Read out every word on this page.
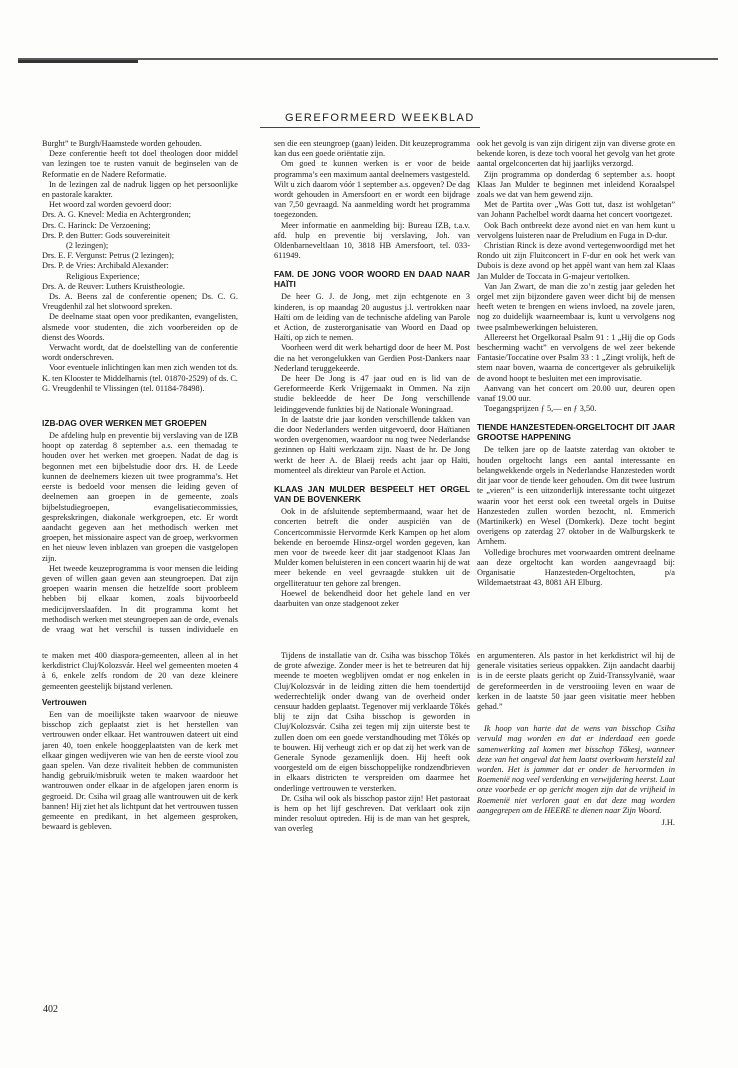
GEREFORMEERD WEEKBLAD

Burght” te Burgh/Haamstede worden gehouden.

Deze conferentie heeft tot doel theologen door middel van lezingen toe te rusten vanuit de beginselen van de Reformatie en de Nadere Reformatie.

In de lezingen zal de nadruk liggen op het persoonlijke en pastorale karakter.

Het woord zal worden gevoerd door:

Drs. A. G. Knevel: Media en Achtergronden;

Drs. C. Harinck: De Verzoening;

Drs. P. den Butter: Gods souvereiniteit

(2 lezingen);

Drs. E. F. Vergunst: Petrus (2 lezingen);

Drs. P. de Vries: Archibald Alexander:

Religious Experience;

Drs. A. de Reuver: Luthers Kruistheologie.

Ds. A. Beens zal de conferentie openen; Ds. C. G. Vreugdenhil zal het slotwoord spreken.

De deelname staat open voor predikanten, evangelisten, alsmede voor studenten, die zich voorbereiden op de dienst des Woords.

Verwacht wordt, dat de doelstelling van de conferentie wordt onderschreven.

Voor eventuele inlichtingen kan men zich wenden tot ds. K. ten Klooster te Middelharnis (tel. 01870-2529) of ds. C. G. Vreugdenhil te Vlissingen (tel. 01184-78498).

IZB-DAG OVER WERKEN MET GROEPEN

De afdeling hulp en preventie bij verslaving van de IZB hoopt op zaterdag 8 september a.s. een themadag te houden over het werken met groepen. Nadat de dag is begonnen met een bijbelstudie door drs. H. de Leede kunnen de deelnemers kiezen uit twee programma’s. Het eerste is bedoeld voor mensen die leiding geven of deelnemen aan groepen in de gemeente, zoals bijbelstudiegroepen, evangelisatiecommissies, gesprekskringen, diakonale werkgroepen, etc. Er wordt aandacht gegeven aan het methodisch werken met groepen, het missionaire aspect van de groep, werkvormen en het nieuw leven inblazen van groepen die vastgelopen zijn.

Het tweede keuzeprogramma is voor mensen die leiding geven of willen gaan geven aan steungroepen. Dat zijn groepen waarin mensen die hetzelfde soort probleem hebben bij elkaar komen, zoals bijvoorbeeld medicijnverslaafden. In dit programma komt het methodisch werken met steungroepen aan de orde, evenals de vraag wat het verschil is tussen individuele en

sen die een steungroep (gaan) leiden. Dit keuzeprogramma kan dus een goede oriëntatie zijn.

Om goed te kunnen werken is er voor de beide programma’s een maximum aantal deelnemers vastgesteld. Wilt u zich daarom vóór 1 september a.s. opgeven? De dag wordt gehouden in Amersfoort en er wordt een bijdrage van 7,50 gevraagd. Na aanmelding wordt het programma toegezonden.

Meer informatie en aanmelding bij: Bureau IZB, t.a.v. afd. hulp en preventie bij verslaving, Joh. van Oldenbarneveltlaan 10, 3818 HB Amersfoort, tel. 033-611949.

FAM. DE JONG VOOR WOORD EN DAAD NAAR HAÏTI

De heer G. J. de Jong, met zijn echtgenote en 3 kinderen, is op maandag 20 augustus j.l. vertrokken naar Haïti om de leiding van de technische afdeling van Parole et Action, de zusterorganisatie van Woord en Daad op Haïti, op zich te nemen.

Voorheen werd dit werk behartigd door de heer M. Post die na het verongelukken van Gerdien Post-Dankers naar Nederland teruggekeerde.

De heer De Jong is 47 jaar oud en is lid van de Gereformeerde Kerk Vrijgemaakt in Ommen. Na zijn studie bekleedde de heer De Jong verschillende leidinggevende funkties bij de Nationale Woningraad.

In de laatste drie jaar konden verschillende takken van die door Nederlanders werden uitgevoerd, door Haïtianen worden overgenomen, waardoor nu nog twee Nederlandse gezinnen op Haïti werkzaam zijn. Naast de hr. De Jong werkt de heer A. de Blaeij reeds acht jaar op Haïti, momenteel als direkteur van Parole et Action.

KLAAS JAN MULDER BESPEELT HET ORGEL VAN DE BOVENKERK

Ook in de afsluitende septembermaand, waar het de concerten betreft die onder auspiciën van de Concertcommissie Hervormde Kerk Kampen op het alom bekende en beroemde Hinsz-orgel worden gegeven, kan men voor de tweede keer dit jaar stadgenoot Klaas Jan Mulder komen beluisteren in een concert waarin hij de wat meer bekende en veel gevraagde stukken uit de orgelliteratuur ten gehore zal brengen.

Hoewel de bekendheid door het gehele land en ver daarbuiten van onze stadgenoot zeker

ook het gevolg is van zijn dirigent zijn van diverse grote en bekende koren, is deze toch vooral het gevolg van het grote aantal orgelconcerten dat hij jaarlijks verzorgd.

Zijn programma op donderdag 6 september a.s. hoopt Klaas Jan Mulder te beginnen met inleidend Koraalspel zoals we dat van hem gewend zijn.

Met de Partita over „Was Gott tut, dasz ist wohlgetan” van Johann Pachelbel wordt daarna het concert voortgezet.

Ook Bach ontbreekt deze avond niet en van hem kunt u vervolgens luisteren naar de Preludium en Fuga in D-dur.

Christian Rinck is deze avond vertegenwoordigd met het Rondo uit zijn Fluitconcert in F-dur en ook het werk van Dubois is deze avond op het appèl want van hem zal Klaas Jan Mulder de Toccata in G-majeur vertolken.

Van Jan Zwart, de man die zo’n zestig jaar geleden het orgel met zijn bijzondere gaven weer dicht bij de mensen heeft weten te brengen en wiens invloed, na zovele jaren, nog zo duidelijk waarneembaar is, kunt u vervolgens nog twee psalmbewerkingen beluisteren.

Allereerst het Orgelkoraal Psalm 91 : 1 „Hij die op Gods bescherming wacht” en vervolgens de wel zeer bekende Fantasie/Toccatine over Psalm 33 : 1 „Zingt vrolijk, heft de stem naar boven, waarna de concertgever als gebruikelijk de avond hoopt te besluiten met een improvisatie.

Aanvang van het concert om 20.00 uur, deuren open vanaf 19.00 uur.

Toegangsprijzen ƒ 5,— en ƒ 3,50.

TIENDE HANZESTEDEN-ORGELTOCHT DIT JAAR GROOTSE HAPPENING

De telken jare op de laatste zaterdag van oktober te houden orgeltocht langs een aantal interessante en belangwekkende orgels in Nederlandse Hanzesteden wordt dit jaar voor de tiende keer gehouden. Om dit twee lustrum te „vieren” is een uitzonderlijk interessante tocht uitgezet waarin voor het eerst ook een tweetal orgels in Duitse Hanzesteden zullen worden bezocht, nl. Emmerich (Martinikerk) en Wesel (Domkerk). Deze tocht begint overigens op zaterdag 27 oktober in de Walburgskerk te Arnhem.

Volledige brochures met voorwaarden omtrent deelname aan deze orgeltocht kan worden aangevraagd bij: Organisatie Hanzesteden-Orgeltochten, p/a Wildemaetstraat 43, 8081 AH Elburg.

te maken met 400 diaspora-gemeenten, alleen al in het kerkdistrict Cluj/Kolozsvár. Heel wel gemeenten moeten 4 à 6, enkele zelfs rondom de 20 van deze kleinere gemeenten geestelijk bijstand verlenen.

Vertrouwen

Een van de moeilijkste taken waarvoor de nieuwe bisschop zich geplaatst ziet is het herstellen van vertrouwen onder elkaar. Het wantrouwen dateert uit eind jaren 40, toen enkele hooggeplaatsten van de kerk met elkaar gingen wedijveren wie van hen de eerste viool zou gaan spelen. Van deze rivaliteit hebben de communisten handig gebruik/misbruik weten te maken waardoor het wantrouwen onder elkaar in de afgelopen jaren enorm is gegroeid. Dr. Csiha wil graag alle wantrouwen uit de kerk bannen! Hij ziet het als lichtpunt dat het vertrouwen tussen gemeente en predikant, in het algemeen gesproken, bewaard is gebleven.

Tijdens de installatie van dr. Csiha was bisschop Tőkés de grote afwezige. Zonder meer is het te betreuren dat hij meende te moeten wegblijven omdat er nog enkelen in Cluj/Kolozsvár in de leiding zitten die hem toendertijd wederrechtelijk onder dwang van de overheid onder censuur hadden geplaatst. Tegenover mij verklaarde Tőkés blij te zijn dat Csiha bisschop is geworden in Cluj/Kolozsvár. Csiha zei tegen mij zijn uiterste best te zullen doen om een goede verstandhouding met Tőkés op te bouwen. Hij verheugt zich er op dat zij het werk van de Generale Synode gezamenlijk doen. Hij heeft ook voorgesteld om de eigen bisschoppelijke rondzendbrieven in elkaars districten te verspreiden om daarmee het onderlinge vertrouwen te versterken.

Dr. Csiha wil ook als bisschop pastor zijn! Het pastoraat is hem op het lijf geschreven. Dat verklaart ook zijn minder resoluut optreden. Hij is de man van het gesprek, van overleg

en argumenteren. Als pastor in het kerkdistrict wil hij de generale visitaties serieus oppakken. Zijn aandacht daarbij is in de eerste plaats gericht op Zuid-Transsylvanië, waar de gereformeerden in de verstrooiing leven en waar de kerken in de laatste 50 jaar geen visitatie meer hebben gehad.”

Ik hoop van harte dat de wens van bisschop Csiha vervuld mag worden en dat er inderdaad een goede samenwerking zal komen met bisschop Tőkesj, wanneer deze van het ongeval dat hem laatst overkwam hersteld zal worden. Het is jammer dat er onder de hervormden in Roemenië nog veel verdenking en verwijdering heerst. Laat onze voorbede er op gericht mogen zijn dat de vrijheid in Roemenië niet verloren gaat en dat deze mag worden aangegrepen om de HEERE te dienen naar Zijn Woord.

J.H.
402
